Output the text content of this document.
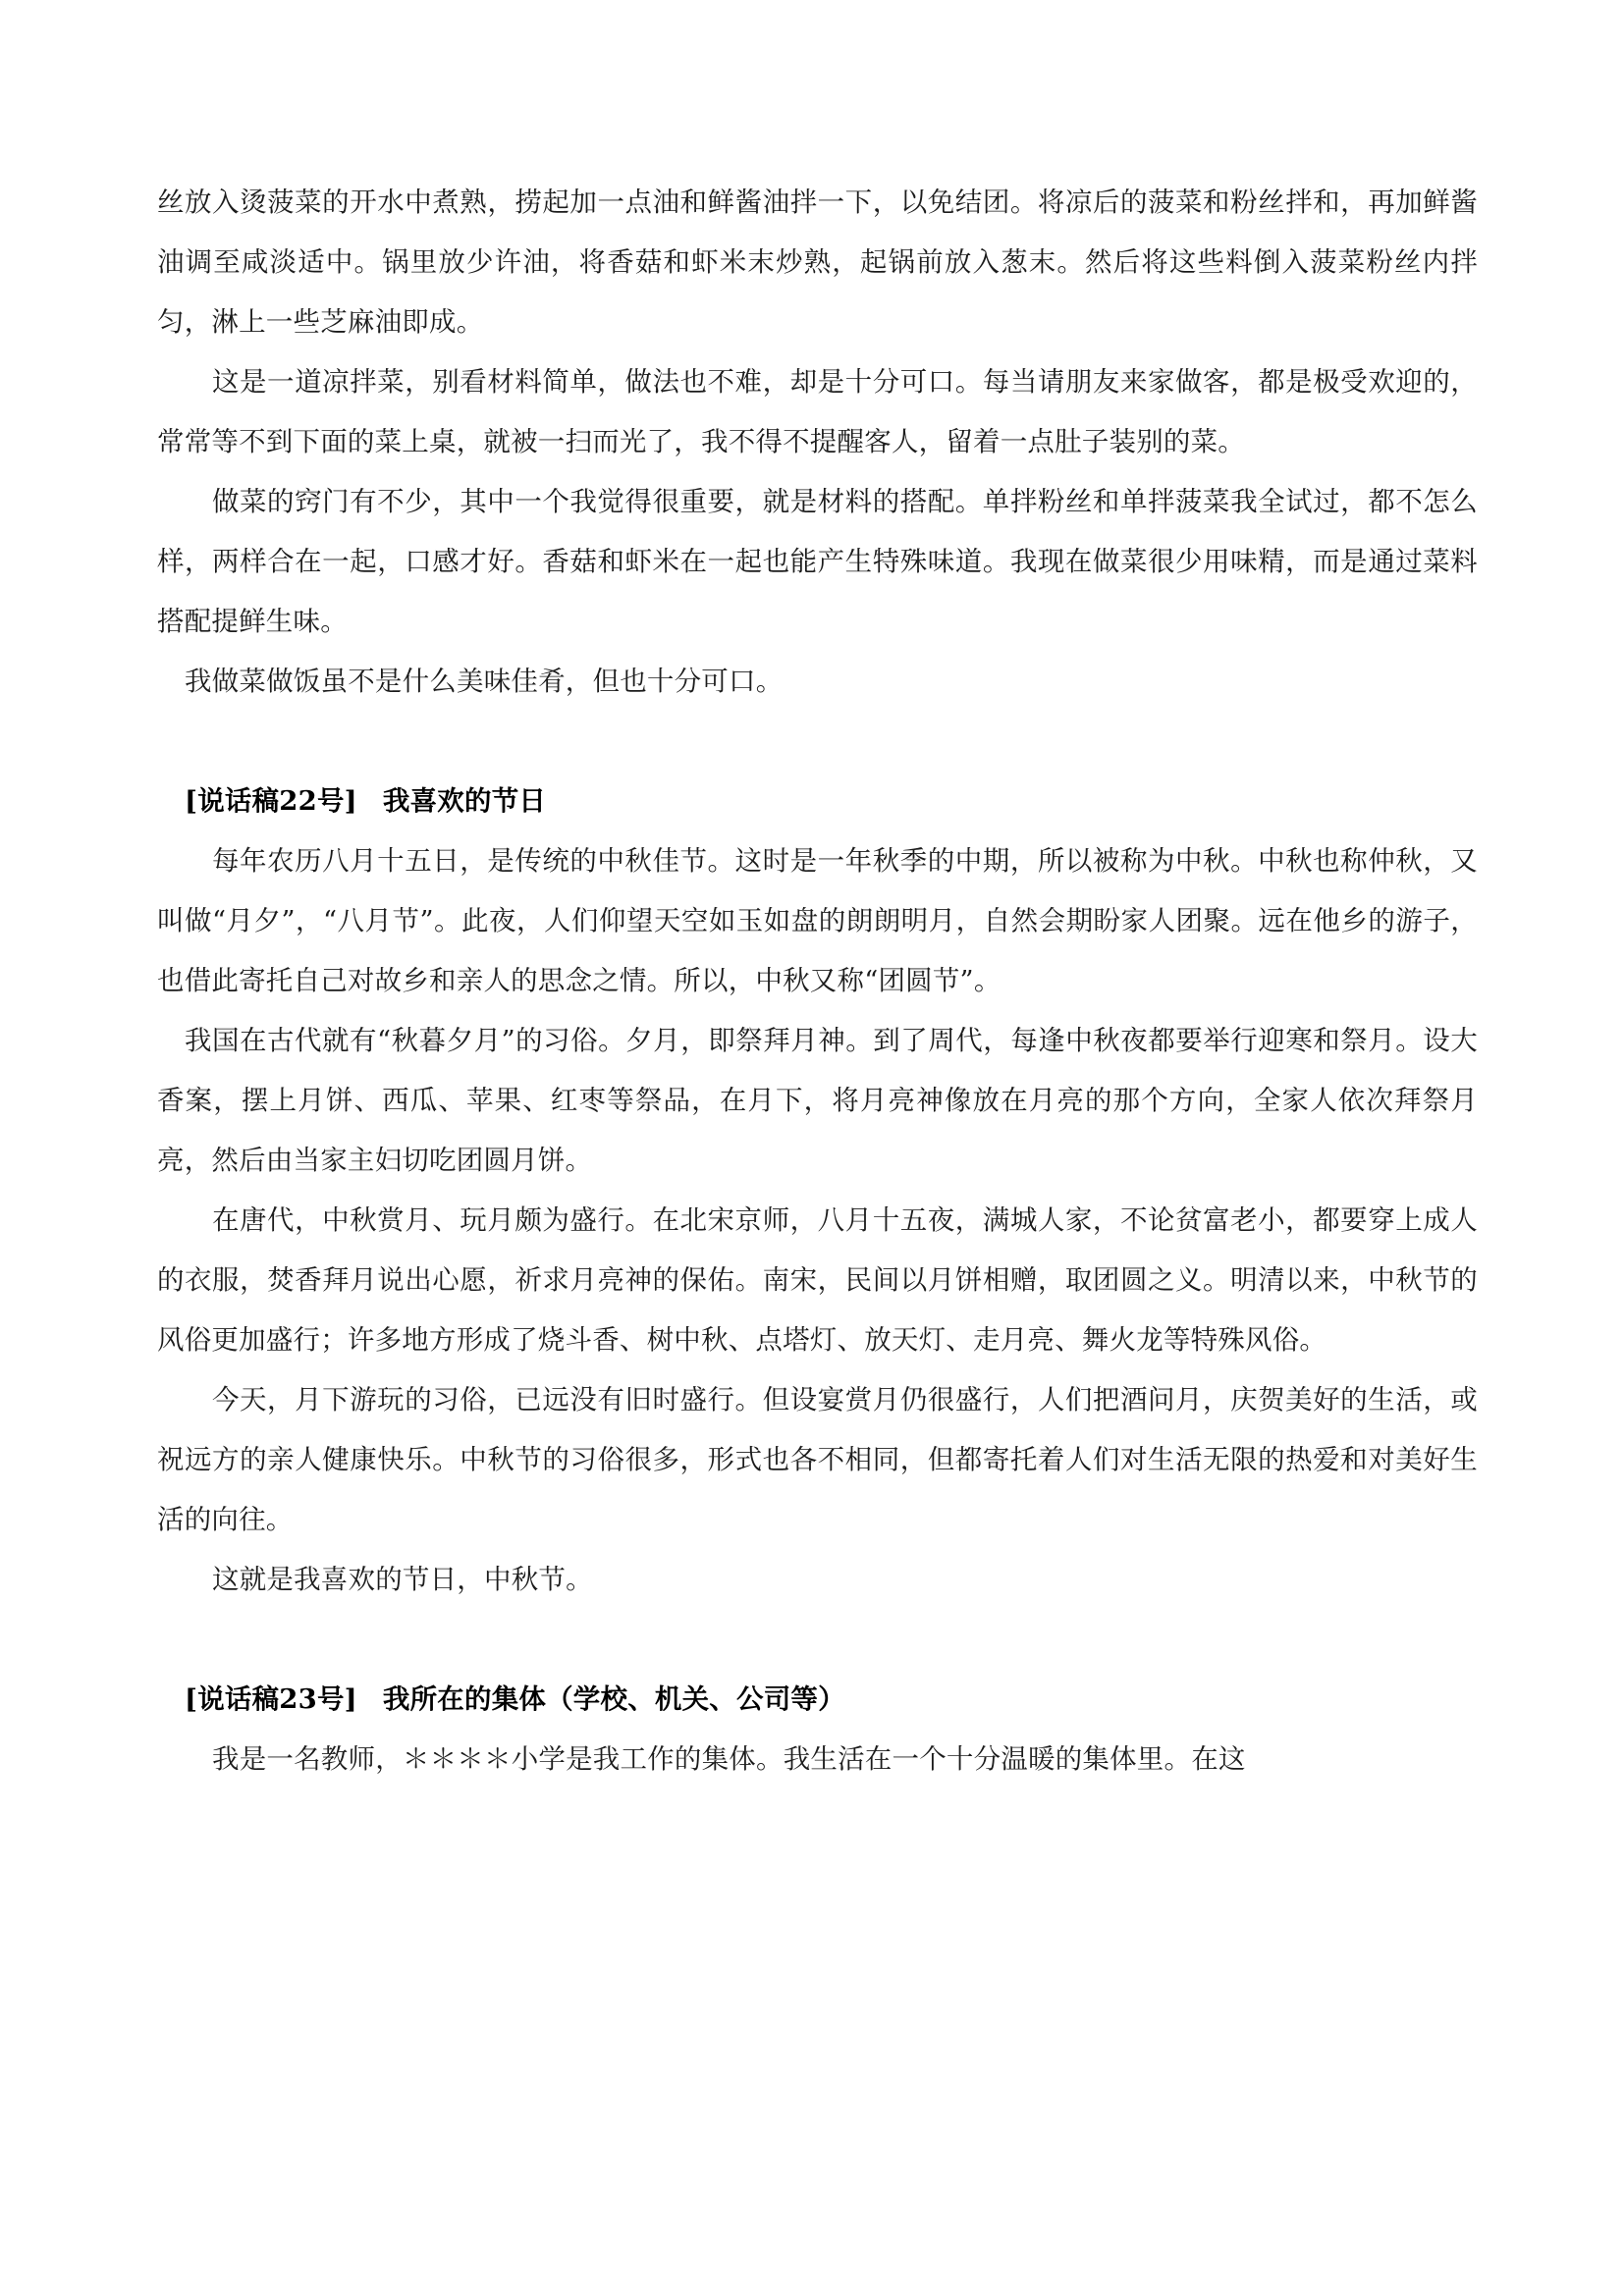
丝放入烫菠菜的开水中煮熟，捞起加一点油和鲜酱油拌一下，以免结团。将凉后的菠菜和粉丝拌和，再加鲜酱油调至咸淡适中。锅里放少许油，将香菇和虾米末炒熟，起锅前放入葱末。然后将这些料倒入菠菜粉丝内拌匀，淋上一些芝麻油即成。

这是一道凉拌菜，别看材料简单，做法也不难，却是十分可口。每当请朋友来家做客，都是极受欢迎的，常常等不到下面的菜上桌，就被一扫而光了，我不得不提醒客人，留着一点肚子装别的菜。

做菜的窍门有不少，其中一个我觉得很重要，就是材料的搭配。单拌粉丝和单拌菠菜我全试过，都不怎么样，两样合在一起，口感才好。香菇和虾米在一起也能产生特殊味道。我现在做菜很少用味精，而是通过菜料搭配提鲜生味。

我做菜做饭虽不是什么美味佳肴，但也十分可口。

[说话稿22号] 我喜欢的节日

每年农历八月十五日，是传统的中秋佳节。这时是一年秋季的中期，所以被称为中秋。中秋也称仲秋，又叫做“月夕”，“八月节”。此夜，人们仰望天空如玉如盘的朗朗明月，自然会期盼家人团聚。远在他乡的游子，也借此寄托自己对故乡和亲人的思念之情。所以，中秋又称“团圆节”。

我国在古代就有“秋暮夕月”的习俗。夕月，即祭拜月神。到了周代，每逢中秋夜都要举行迎寒和祭月。设大香案，摆上月饼、西瓜、苹果、红枣等祭品，在月下，将月亮神像放在月亮的那个方向，全家人依次拜祭月亮，然后由当家主妇切吃团圆月饼。

在唐代，中秋赏月、玩月颇为盛行。在北宋京师，八月十五夜，满城人家，不论贫富老小，都要穿上成人的衣服，焚香拜月说出心愿，祈求月亮神的保佑。南宋，民间以月饼相赠，取团圆之义。明清以来，中秋节的风俗更加盛行；许多地方形成了烧斗香、树中秋、点塔灯、放天灯、走月亮、舞火龙等特殊风俗。

今天，月下游玩的习俗，已远没有旧时盛行。但设宴赏月仍很盛行，人们把酒问月，庆贺美好的生活，或祝远方的亲人健康快乐。中秋节的习俗很多，形式也各不相同，但都寄托着人们对生活无限的热爱和对美好生活的向往。

这就是我喜欢的节日，中秋节。

[说话稿23号] 我所在的集体（学校、机关、公司等）

我是一名教师，＊＊＊＊小学是我工作的集体。我生活在一个十分温暖的集体里。在这
